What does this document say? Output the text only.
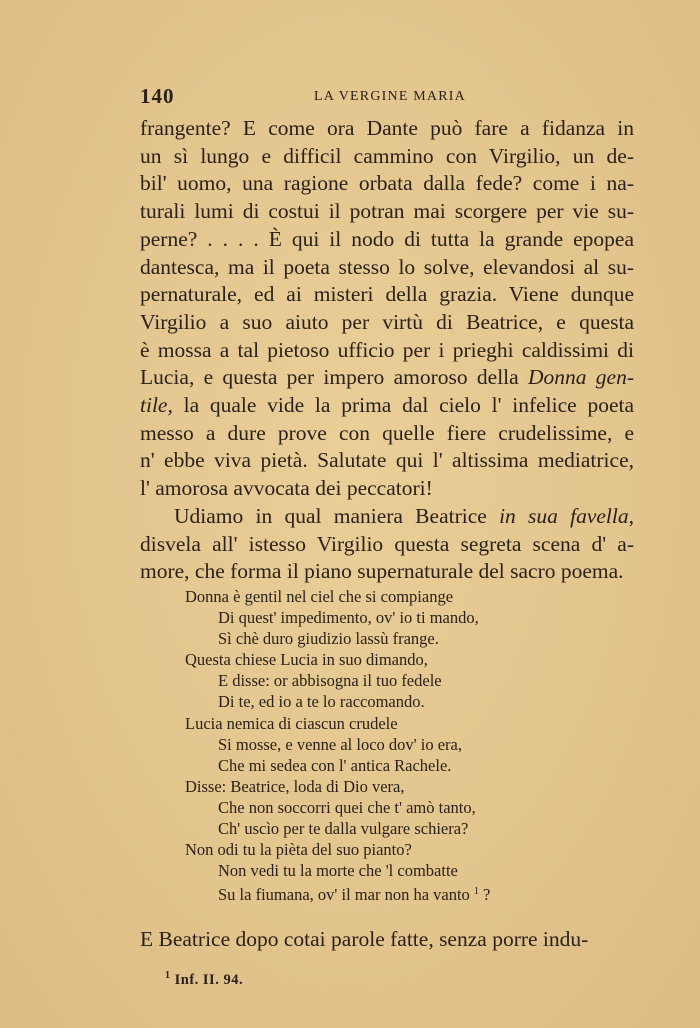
140	LA VERGINE MARIA

frangente? E come ora Dante può fare a fidanza in

un sì lungo e difficil cammino con Virgilio, un de-

bil' uomo, una ragione orbata dalla fede? come i na-

turali lumi di costui il potran mai scorgere per vie su-

perne? . . . . È qui il nodo di tutta la grande epopea

dantesca, ma il poeta stesso lo solve, elevandosi al su-

pernaturale, ed ai misteri della grazia. Viene dunque

Virgilio a suo aiuto per virtù di Beatrice, e questa

è mossa a tal pietoso ufficio per i prieghi caldissimi di

Lucia, e questa per impero amoroso della Donna gen-

tile, la quale vide la prima dal cielo l' infelice poeta

messo a dure prove con quelle fiere crudelissime, e

n' ebbe viva pietà. Salutate qui l' altissima mediatrice,

l' amorosa avvocata dei peccatori!

Udiamo in qual maniera Beatrice in sua favella,

disvela all' istesso Virgilio questa segreta scena d' a-

more, che forma il piano supernaturale del sacro poema.

Donna è gentil nel ciel che si compiange
Di quest' impedimento, ov' io ti mando,
Sì chè duro giudizio lassù frange.
Questa chiese Lucia in suo dimando,
E disse: or abbisogna il tuo fedele
Di te, ed io a te lo raccomando.
Lucia nemica di ciascun crudele
Si mosse, e venne al loco dov' io era,
Che mi sedea con l' antica Rachele.
Disse: Beatrice, loda di Dio vera,
Che non soccorri quei che t' amò tanto,
Ch' uscìo per te dalla vulgare schiera?
Non odi tu la pièta del suo pianto?
Non vedi tu la morte che 'l combatte
Su la fiumana, ov' il mar non ha vanto $^1$ ?
E Beatrice dopo cotai parole fatte, senza porre indu-
$^1$ Inf. II. 94.
